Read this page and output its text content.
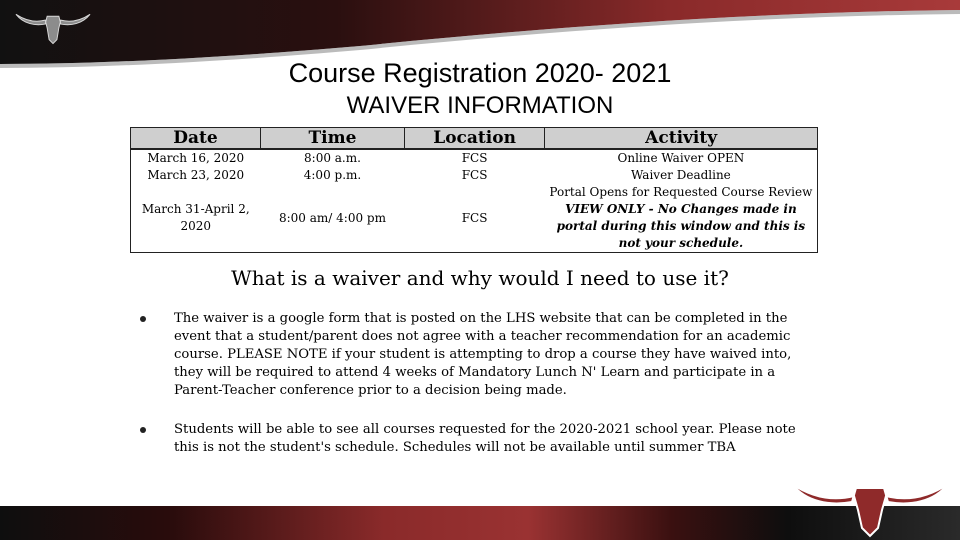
Course Registration 2020- 2021
WAIVER INFORMATION
Date	Time	Location	Activity
March 16, 2020	8:00 a.m.	FCS	Online Waiver OPEN
March 23, 2020	4:00 p.m.	FCS	Waiver Deadline
March 31-April 2, 2020	8:00 am/ 4:00 pm	FCS	Portal Opens for Requested Course Review
VIEW ONLY - No Changes made in portal during this window and this is not your schedule.
What is a waiver and why would I need to use it?
The waiver is a google form that is posted on the LHS website that can be completed in the event that a student/parent does not agree with a teacher recommendation for an academic course. PLEASE NOTE if your student is attempting to drop a course they have waived into, they will be required to attend 4 weeks of Mandatory Lunch N' Learn and participate in a Parent-Teacher conference prior to a decision being made.
Students will be able to see all courses requested for the 2020-2021 school year. Please note this is not the student's schedule. Schedules will not be available until summer TBA
